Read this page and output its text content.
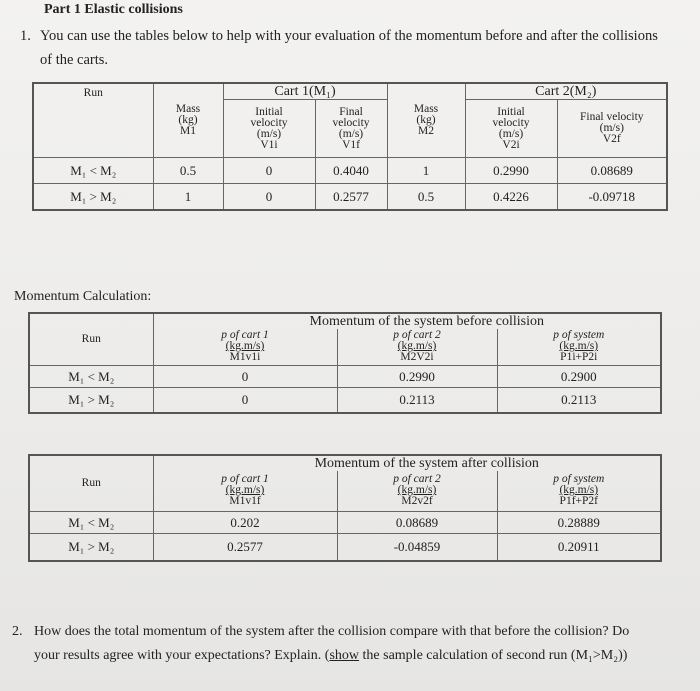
Part 1 Elastic collisions
1. You can use the tables below to help with your evaluation of the momentum before and after the collisions
of the carts.
Run	Mass
(kg)
M1	Cart 1(M₁)		Mass
(kg)
M2	Cart 2(M₂)	

		Initial
velocity
(m/s)
V1i	Final
velocity
(m/s)
V1f		Initial
velocity
(m/s)
V2i	Final velocity
(m/s)
V2f

M₁ < M₂	0.5	0	0.4040	1	0.2990	0.08689
M₁ > M₂	1	0	0.2577	0.5	0.4226	-0.09718
Momentum Calculation:
Run	Momentum of the system before collision		

	p of cart 1
(kg.m/s)
M1v1i	p of cart 2
(kg.m/s)
M2V2i	p of system
(kg.m/s)
P1i+P2i

M₁ < M₂	0	0.2990	0.2900
M₁ > M₂	0	0.2113	0.2113
Run	Momentum of the system after collision		

	p of cart 1
(kg.m/s)
M1v1f	p of cart 2
(kg.m/s)
M2v2f	p of system
(kg.m/s)
P1f+P2f

M₁ < M₂	0.202	0.08689	0.28889
M₁ > M₂	0.2577	-0.04859	0.20911
2. How does the total momentum of the system after the collision compare with that before the collision? Do
your results agree with your expectations? Explain. (show the sample calculation of second run (M₁>M₂))
